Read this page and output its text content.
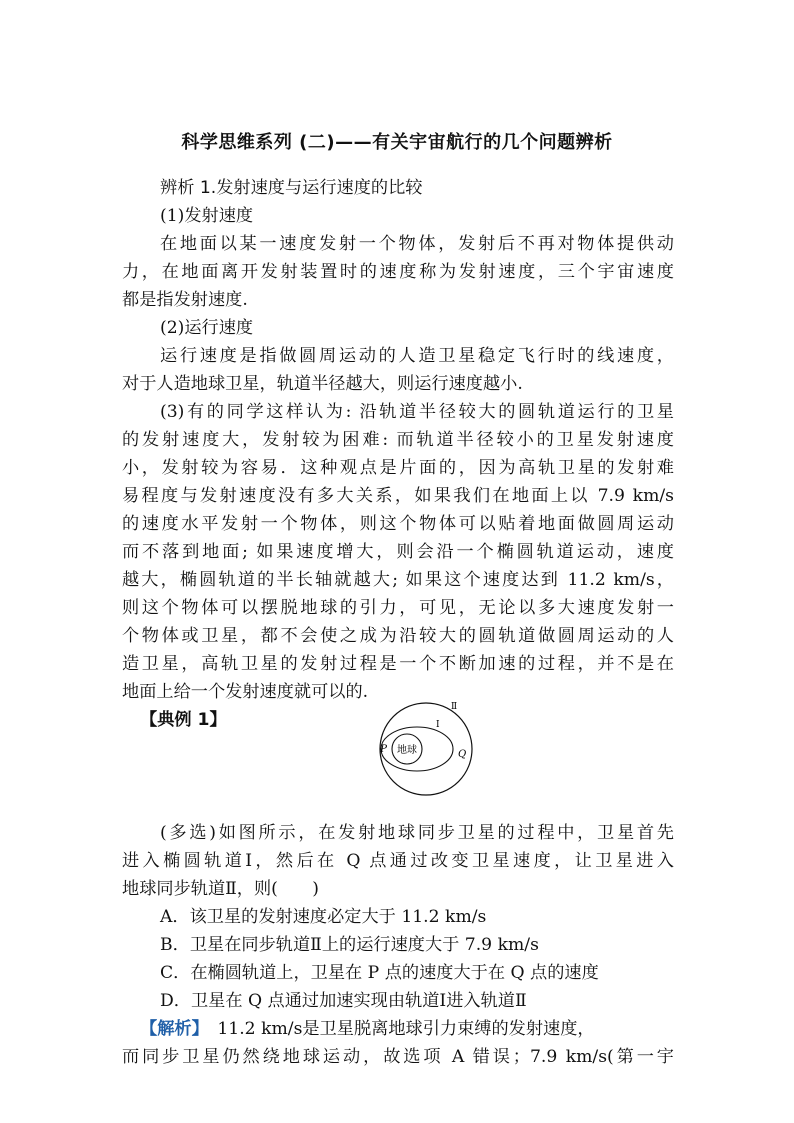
科学思维系列 (二)——有关宇宙航行的几个问题辨析
辨析 1.发射速度与运行速度的比较
(1)发射速度
在地面以某一速度发射一个物体，发射后不再对物体提供动
力，在地面离开发射装置时的速度称为发射速度，三个宇宙速度
都是指发射速度.
(2)运行速度
运行速度是指做圆周运动的人造卫星稳定飞行时的线速度，
对于人造地球卫星，轨道半径越大，则运行速度越小.
(3)有的同学这样认为: 沿轨道半径较大的圆轨道运行的卫星
的发射速度大，发射较为困难: 而轨道半径较小的卫星发射速度
小，发射较为容易．这种观点是片面的，因为高轨卫星的发射难
易程度与发射速度没有多大关系，如果我们在地面上以 7.9 km/s
的速度水平发射一个物体，则这个物体可以贴着地面做圆周运动
而不落到地面; 如果速度增大，则会沿一个椭圆轨道运动，速度
越大，椭圆轨道的半长轴就越大; 如果这个速度达到 11.2 km/s，
则这个物体可以摆脱地球的引力，可见，无论以多大速度发射一
个物体或卫星，都不会使之成为沿较大的圆轨道做圆周运动的人
造卫星，高轨卫星的发射过程是一个不断加速的过程，并不是在
地面上给一个发射速度就可以的.
【典例 1】
地球
P	Q
Ⅰ
Ⅱ
(多选)如图所示，在发射地球同步卫星的过程中，卫星首先
进入椭圆轨道Ⅰ，然后在 Q 点通过改变卫星速度，让卫星进入
地球同步轨道Ⅱ，则(　　)
A．该卫星的发射速度必定大于 11.2 km/s
B．卫星在同步轨道Ⅱ上的运行速度大于 7.9 km/s
C．在椭圆轨道上，卫星在 P 点的速度大于在 Q 点的速度
D．卫星在 Q 点通过加速实现由轨道Ⅰ进入轨道Ⅱ
【解析】　11.2 km/s是卫星脱离地球引力束缚的发射速度，
而同步卫星仍然绕地球运动，故选项 A 错误；7.9 km/s(第一宇
